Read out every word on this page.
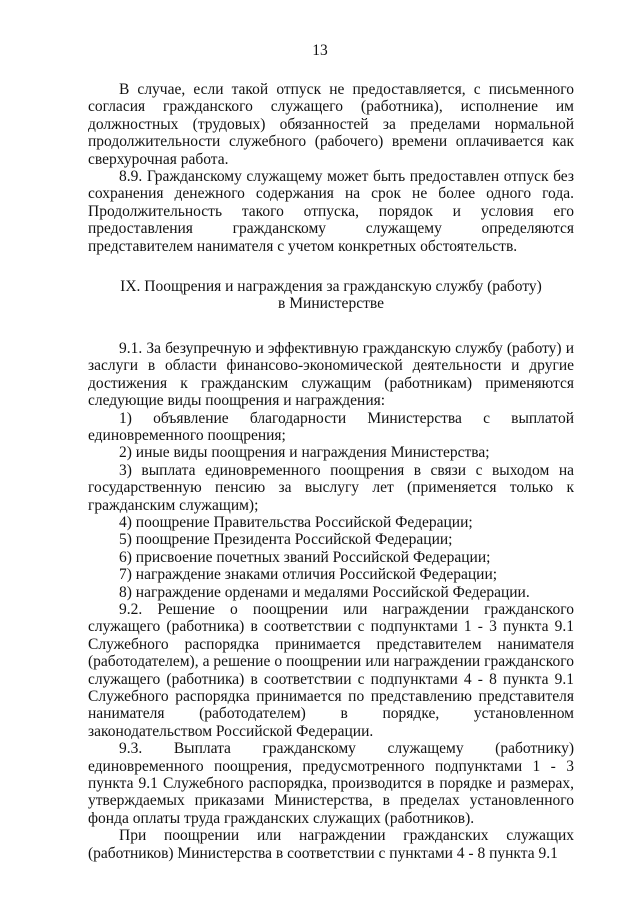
13

В случае, если такой отпуск не предоставляется, с письменного согласия гражданского служащего (работника), исполнение им должностных (трудовых) обязанностей за пределами нормальной продолжительности служебного (рабочего) времени оплачивается как сверхурочная работа.

8.9. Гражданскому служащему может быть предоставлен отпуск без сохранения денежного содержания на срок не более одного года. Продолжительность такого отпуска, порядок и условия его предоставления гражданскому служащему определяются представителем нанимателя с учетом конкретных обстоятельств.

IX. Поощрения и награждения за гражданскую службу (работу)
в Министерстве

9.1. За безупречную и эффективную гражданскую службу (работу) и заслуги в области финансово-экономической деятельности и другие достижения к гражданским служащим (работникам) применяются следующие виды поощрения и награждения:

1) объявление благодарности Министерства с выплатой единовременного поощрения;

2) иные виды поощрения и награждения Министерства;

3) выплата единовременного поощрения в связи с выходом на государственную пенсию за выслугу лет (применяется только к гражданским служащим);

4) поощрение Правительства Российской Федерации;

5) поощрение Президента Российской Федерации;

6) присвоение почетных званий Российской Федерации;

7) награждение знаками отличия Российской Федерации;

8) награждение орденами и медалями Российской Федерации.

9.2. Решение о поощрении или награждении гражданского служащего (работника) в соответствии с подпунктами 1 - 3 пункта 9.1 Служебного распорядка принимается представителем нанимателя (работодателем), а решение о поощрении или награждении гражданского служащего (работника) в соответствии с подпунктами 4 - 8 пункта 9.1 Служебного распорядка принимается по представлению представителя нанимателя (работодателем) в порядке, установленном законодательством Российской Федерации.

9.3. Выплата гражданскому служащему (работнику) единовременного поощрения, предусмотренного подпунктами 1 - 3 пункта 9.1 Служебного распорядка, производится в порядке и размерах, утверждаемых приказами Министерства, в пределах установленного фонда оплаты труда гражданских служащих (работников).

При поощрении или награждении гражданских служащих (работников) Министерства в соответствии с пунктами 4 - 8 пункта 9.1
